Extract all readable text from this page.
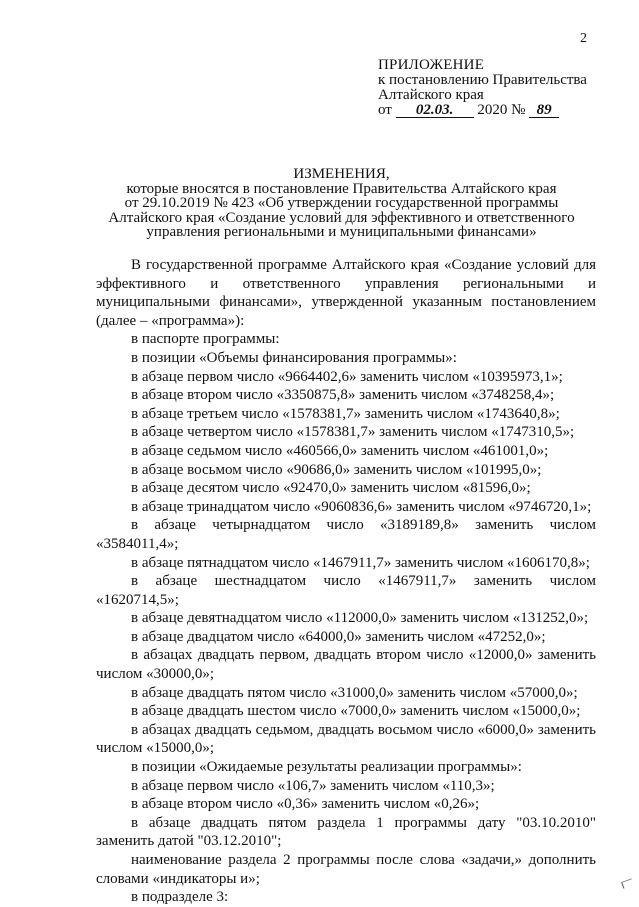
2
ПРИЛОЖЕНИЕ
к постановлению Правительства
Алтайского края
от 02.03. 2020 № 89
ИЗМЕНЕНИЯ,
которые вносятся в постановление Правительства Алтайского края
от 29.10.2019 № 423 «Об утверждении государственной программы
Алтайского края «Создание условий для эффективного и ответственного
управления региональными и муниципальными финансами»

В государственной программе Алтайского края «Создание условий для эффективного и ответственного управления региональными и муниципальными финансами», утвержденной указанным постановлением (далее – «программа»):

в паспорте программы:

в позиции «Объемы финансирования программы»:

в абзаце первом число «9664402,6» заменить числом «10395973,1»;

в абзаце втором число «3350875,8» заменить числом «3748258,4»;

в абзаце третьем число «1578381,7» заменить числом «1743640,8»;

в абзаце четвертом число «1578381,7» заменить числом «1747310,5»;

в абзаце седьмом число «460566,0» заменить числом «461001,0»;

в абзаце восьмом число «90686,0» заменить числом «101995,0»;

в абзаце десятом число «92470,0» заменить числом «81596,0»;

в абзаце тринадцатом число «9060836,6» заменить числом «9746720,1»;

в абзаце четырнадцатом число «3189189,8» заменить числом «3584011,4»;

в абзаце пятнадцатом число «1467911,7» заменить числом «1606170,8»;

в абзаце шестнадцатом число «1467911,7» заменить числом «1620714,5»;

в абзаце девятнадцатом число «112000,0» заменить числом «131252,0»;

в абзаце двадцатом число «64000,0» заменить числом «47252,0»;

в абзацах двадцать первом, двадцать втором число «12000,0» заменить числом «30000,0»;

в абзаце двадцать пятом число «31000,0» заменить числом «57000,0»;

в абзаце двадцать шестом число «7000,0» заменить числом «15000,0»;

в абзацах двадцать седьмом, двадцать восьмом число «6000,0» заменить числом «15000,0»;

в позиции «Ожидаемые результаты реализации программы»:

в абзаце первом число «106,7» заменить числом «110,3»;

в абзаце втором число «0,36» заменить числом «0,26»;

в абзаце двадцать пятом раздела 1 программы дату "03.10.2010" заменить датой "03.12.2010";

наименование раздела 2 программы после слова «задачи,» дополнить словами «индикаторы и»;

в подразделе 3:
